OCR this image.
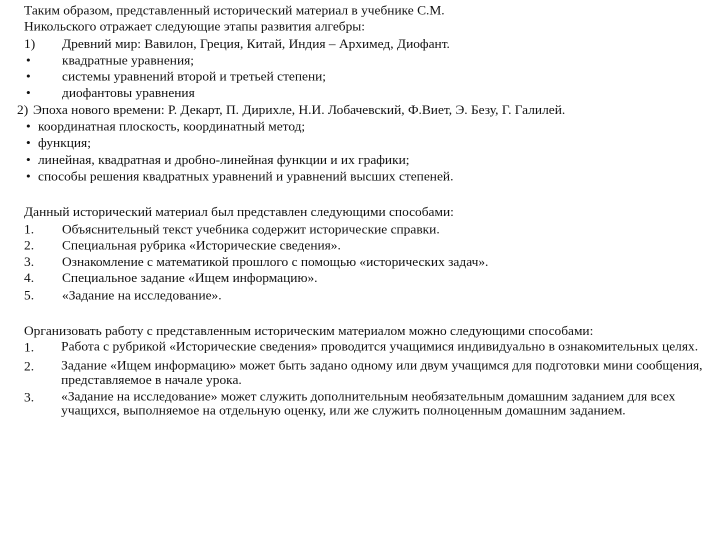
Таким образом, представленный исторический материал в учебнике С.М.
Никольского отражает следующие этапы развития алгебры:
1)	Древний мир: Вавилон, Греция, Китай, Индия – Архимед, Диофант.
•	квадратные уравнения;
•	системы уравнений второй и третьей степени;
•	диофантовы уравнения
2) Эпоха нового времени: Р. Декарт, П. Дирихле, Н.И. Лобачевский, Ф.Виет, Э. Безу, Г. Галилей.
• координатная плоскость, координатный метод;
• функция;
• линейная, квадратная и дробно-линейная функции и их графики;
• способы решения квадратных уравнений и уравнений высших степеней.
Данный исторический материал был представлен следующими способами:
1.	Объяснительный текст учебника содержит исторические справки.
2.	Специальная рубрика «Исторические сведения».
3.	Ознакомление с математикой прошлого с помощью «исторических задач».
4.	Специальное задание «Ищем информацию».
5.	«Задание на исследование».
Организовать работу с представленным историческим материалом можно следующими способами:
1.	Работа с рубрикой «Исторические сведения» проводится учащимися индивидуально в ознакомительных целях.
2.	Задание «Ищем информацию» может быть задано одному или двум учащимся для подготовки мини сообщения, представляемое в начале урока.
3.	«Задание на исследование» может служить дополнительным необязательным домашним заданием для всех учащихся, выполняемое на отдельную оценку, или же служить полноценным домашним заданием.
